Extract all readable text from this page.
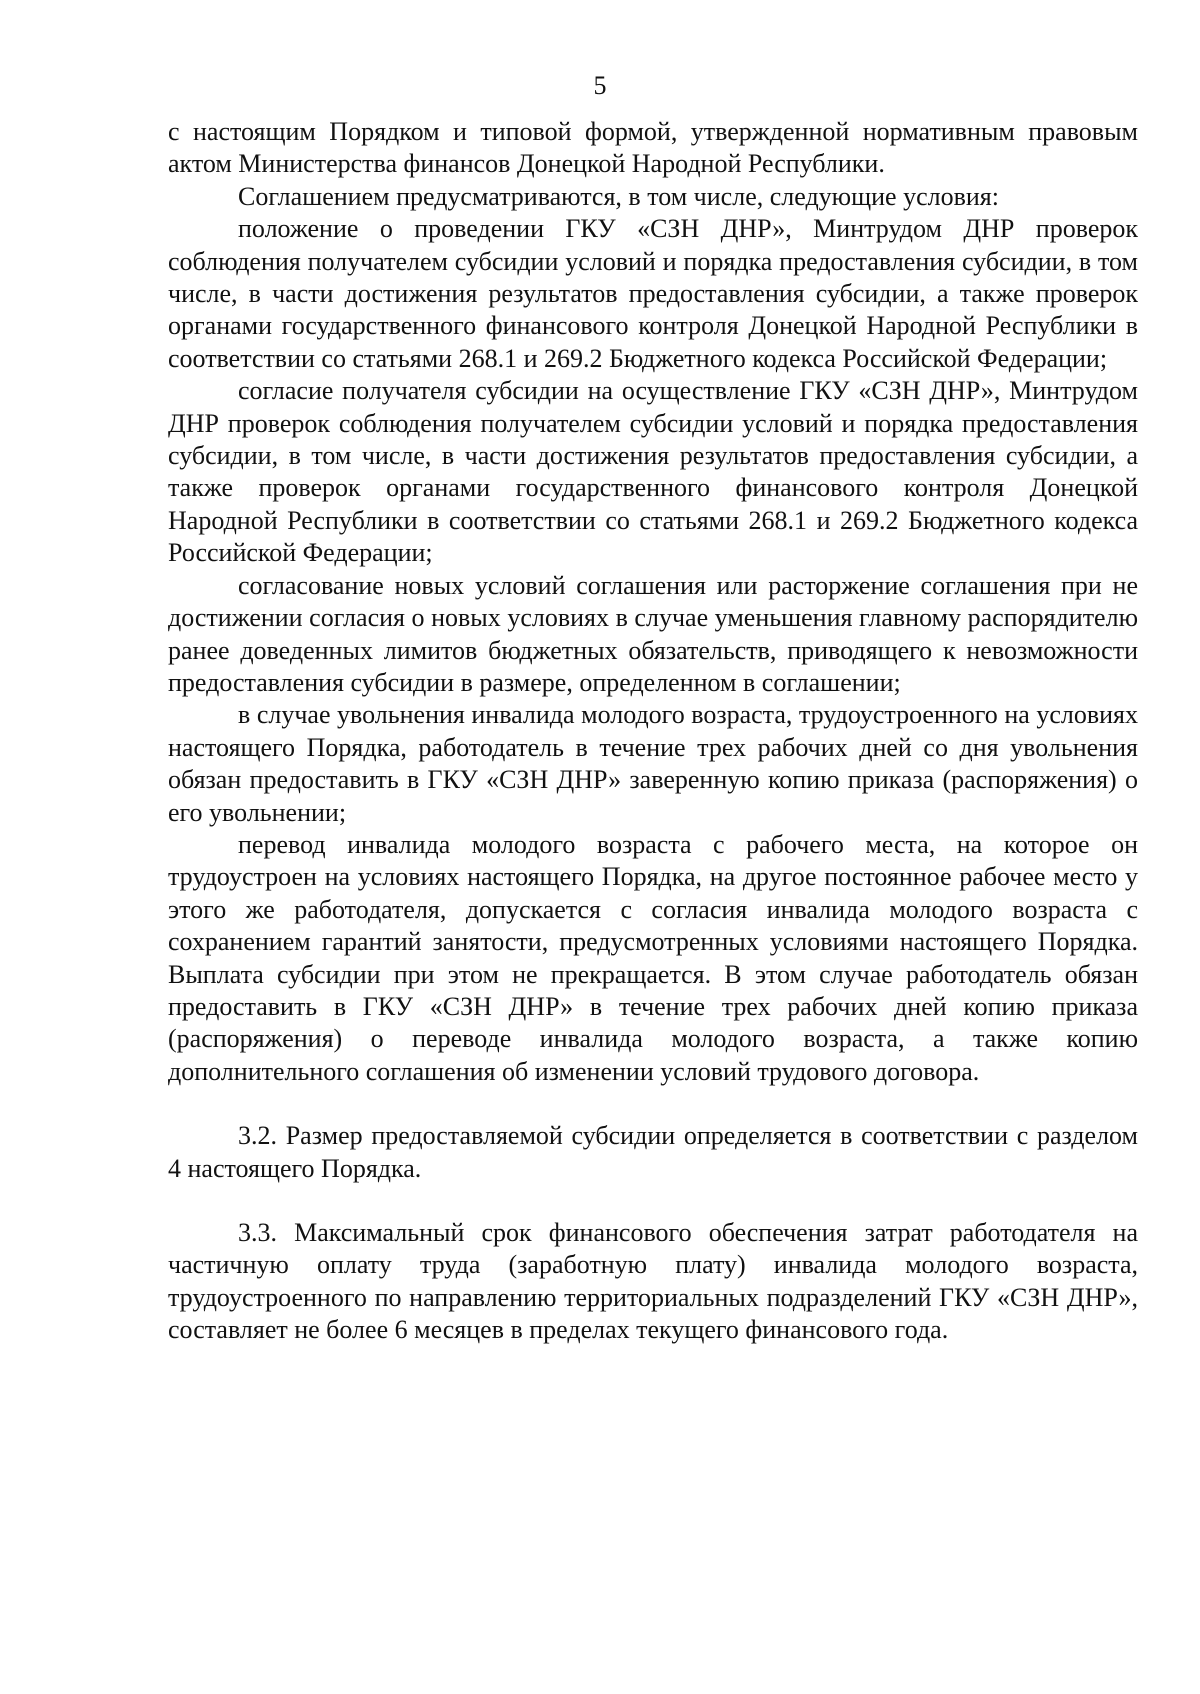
5

с настоящим Порядком и типовой формой, утвержденной нормативным правовым актом Министерства финансов Донецкой Народной Республики.

Соглашением предусматриваются, в том числе, следующие условия:

положение о проведении ГКУ «СЗН ДНР», Минтрудом ДНР проверок соблюдения получателем субсидии условий и порядка предоставления субсидии, в том числе, в части достижения результатов предоставления субсидии, а также проверок органами государственного финансового контроля Донецкой Народной Республики в соответствии со статьями 268.1 и 269.2 Бюджетного кодекса Российской Федерации;

согласие получателя субсидии на осуществление ГКУ «СЗН ДНР», Минтрудом ДНР проверок соблюдения получателем субсидии условий и порядка предоставления субсидии, в том числе, в части достижения результатов предоставления субсидии, а также проверок органами государственного финансового контроля Донецкой Народной Республики в соответствии со статьями 268.1 и 269.2 Бюджетного кодекса Российской Федерации;

согласование новых условий соглашения или расторжение соглашения при не достижении согласия о новых условиях в случае уменьшения главному распорядителю ранее доведенных лимитов бюджетных обязательств, приводящего к невозможности предоставления субсидии в размере, определенном в соглашении;

в случае увольнения инвалида молодого возраста, трудоустроенного на условиях настоящего Порядка, работодатель в течение трех рабочих дней со дня увольнения обязан предоставить в ГКУ «СЗН ДНР» заверенную копию приказа (распоряжения) о его увольнении;

перевод инвалида молодого возраста с рабочего места, на которое он трудоустроен на условиях настоящего Порядка, на другое постоянное рабочее место у этого же работодателя, допускается с согласия инвалида молодого возраста с сохранением гарантий занятости, предусмотренных условиями настоящего Порядка. Выплата субсидии при этом не прекращается. В этом случае работодатель обязан предоставить в ГКУ «СЗН ДНР» в течение трех рабочих дней копию приказа (распоряжения) о переводе инвалида молодого возраста, а также копию дополнительного соглашения об изменении условий трудового договора.

3.2. Размер предоставляемой субсидии определяется в соответствии с разделом 4 настоящего Порядка.

3.3. Максимальный срок финансового обеспечения затрат работодателя на частичную оплату труда (заработную плату) инвалида молодого возраста, трудоустроенного по направлению территориальных подразделений ГКУ «СЗН ДНР», составляет не более 6 месяцев в пределах текущего финансового года.
